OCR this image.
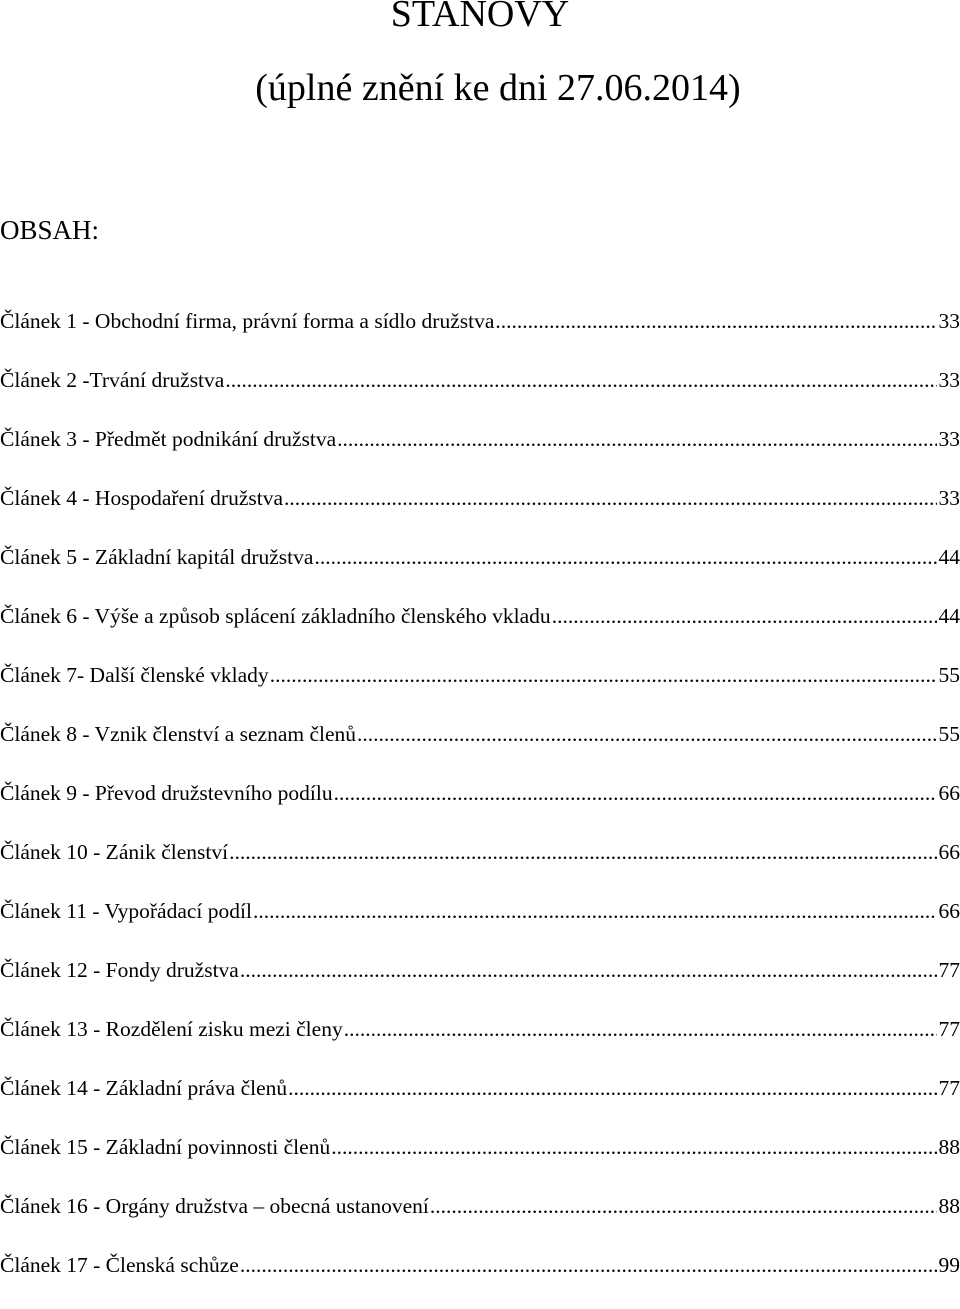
STANOVY
(úplné znění ke dni 27.06.2014)
OBSAH:
Článek 1 - Obchodní firma, právní forma a sídlo družstva .....	33
Článek 2 -Trvání družstva .....	33
Článek 3 - Předmět podnikání družstva .....	33
Článek 4 - Hospodaření družstva .....	33
Článek 5 - Základní kapitál družstva .....	44
Článek 6 - Výše a způsob splácení základního členského vkladu .....	44
Článek 7- Další členské vklady .....	55
Článek 8 - Vznik členství a seznam členů .....	55
Článek 9 - Převod družstevního podílu .....	66
Článek 10 - Zánik členství .....	66
Článek 11 - Vypořádací podíl .....	66
Článek 12 - Fondy družstva .....	77
Článek 13 - Rozdělení zisku mezi členy .....	77
Článek 14 - Základní práva členů .....	77
Článek 15 - Základní povinnosti členů .....	88
Článek 16 - Orgány družstva – obecná ustanovení .....	88
Článek 17 - Členská schůze .....	99
